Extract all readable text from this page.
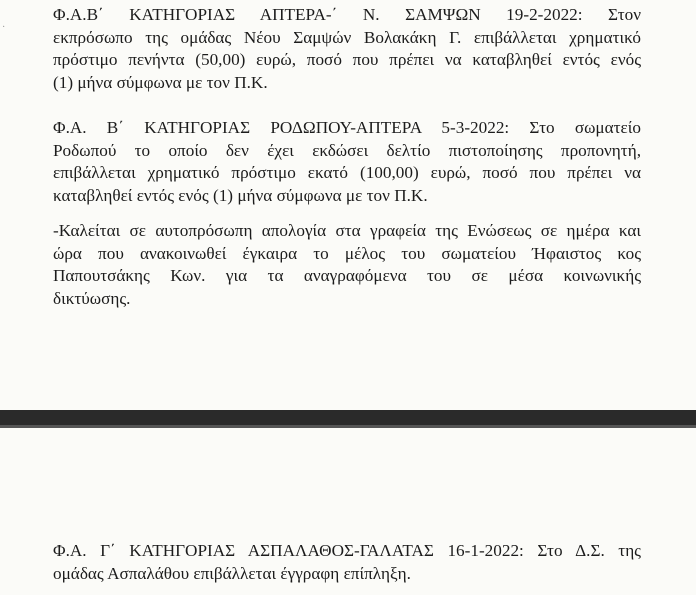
·
Φ.Α.Β΄ ΚΑΤΗΓΟΡΙΑΣ ΑΠΤΕΡΑ-΄ Ν. ΣΑΜΨΩΝ 19-2-2022: Στον
εκπρόσωπο της ομάδας Νέου Σαμψών Βολακάκη Γ. επιβάλλεται χρηματικό
πρόστιμο πενήντα (50,00) ευρώ, ποσό που πρέπει να καταβληθεί εντός ενός
(1) μήνα σύμφωνα με τον Π.Κ.
Φ.Α. Β΄ ΚΑΤΗΓΟΡΙΑΣ ΡΟΔΩΠΟΥ-ΑΠΤΕΡΑ 5-3-2022: Στο σωματείο
Ροδωπού το οποίο δεν έχει εκδώσει δελτίο πιστοποίησης προπονητή,
επιβάλλεται χρηματικό πρόστιμο εκατό (100,00) ευρώ, ποσό που πρέπει να
καταβληθεί εντός ενός (1) μήνα σύμφωνα με τον Π.Κ.
-Καλείται σε αυτοπρόσωπη απολογία στα γραφεία της Ενώσεως σε ημέρα και
ώρα που ανακοινωθεί έγκαιρα το μέλος του σωματείου Ήφαιστος κος
Παπουτσάκης Κων. για τα αναγραφόμενα του σε μέσα κοινωνικής
δικτύωσης.
Φ.Α. Γ΄ ΚΑΤΗΓΟΡΙΑΣ ΑΣΠΑΛΑΘΟΣ-ΓΑΛΑΤΑΣ 16-1-2022: Στο Δ.Σ. της
ομάδας Ασπαλάθου επιβάλλεται έγγραφη επίπληξη.
